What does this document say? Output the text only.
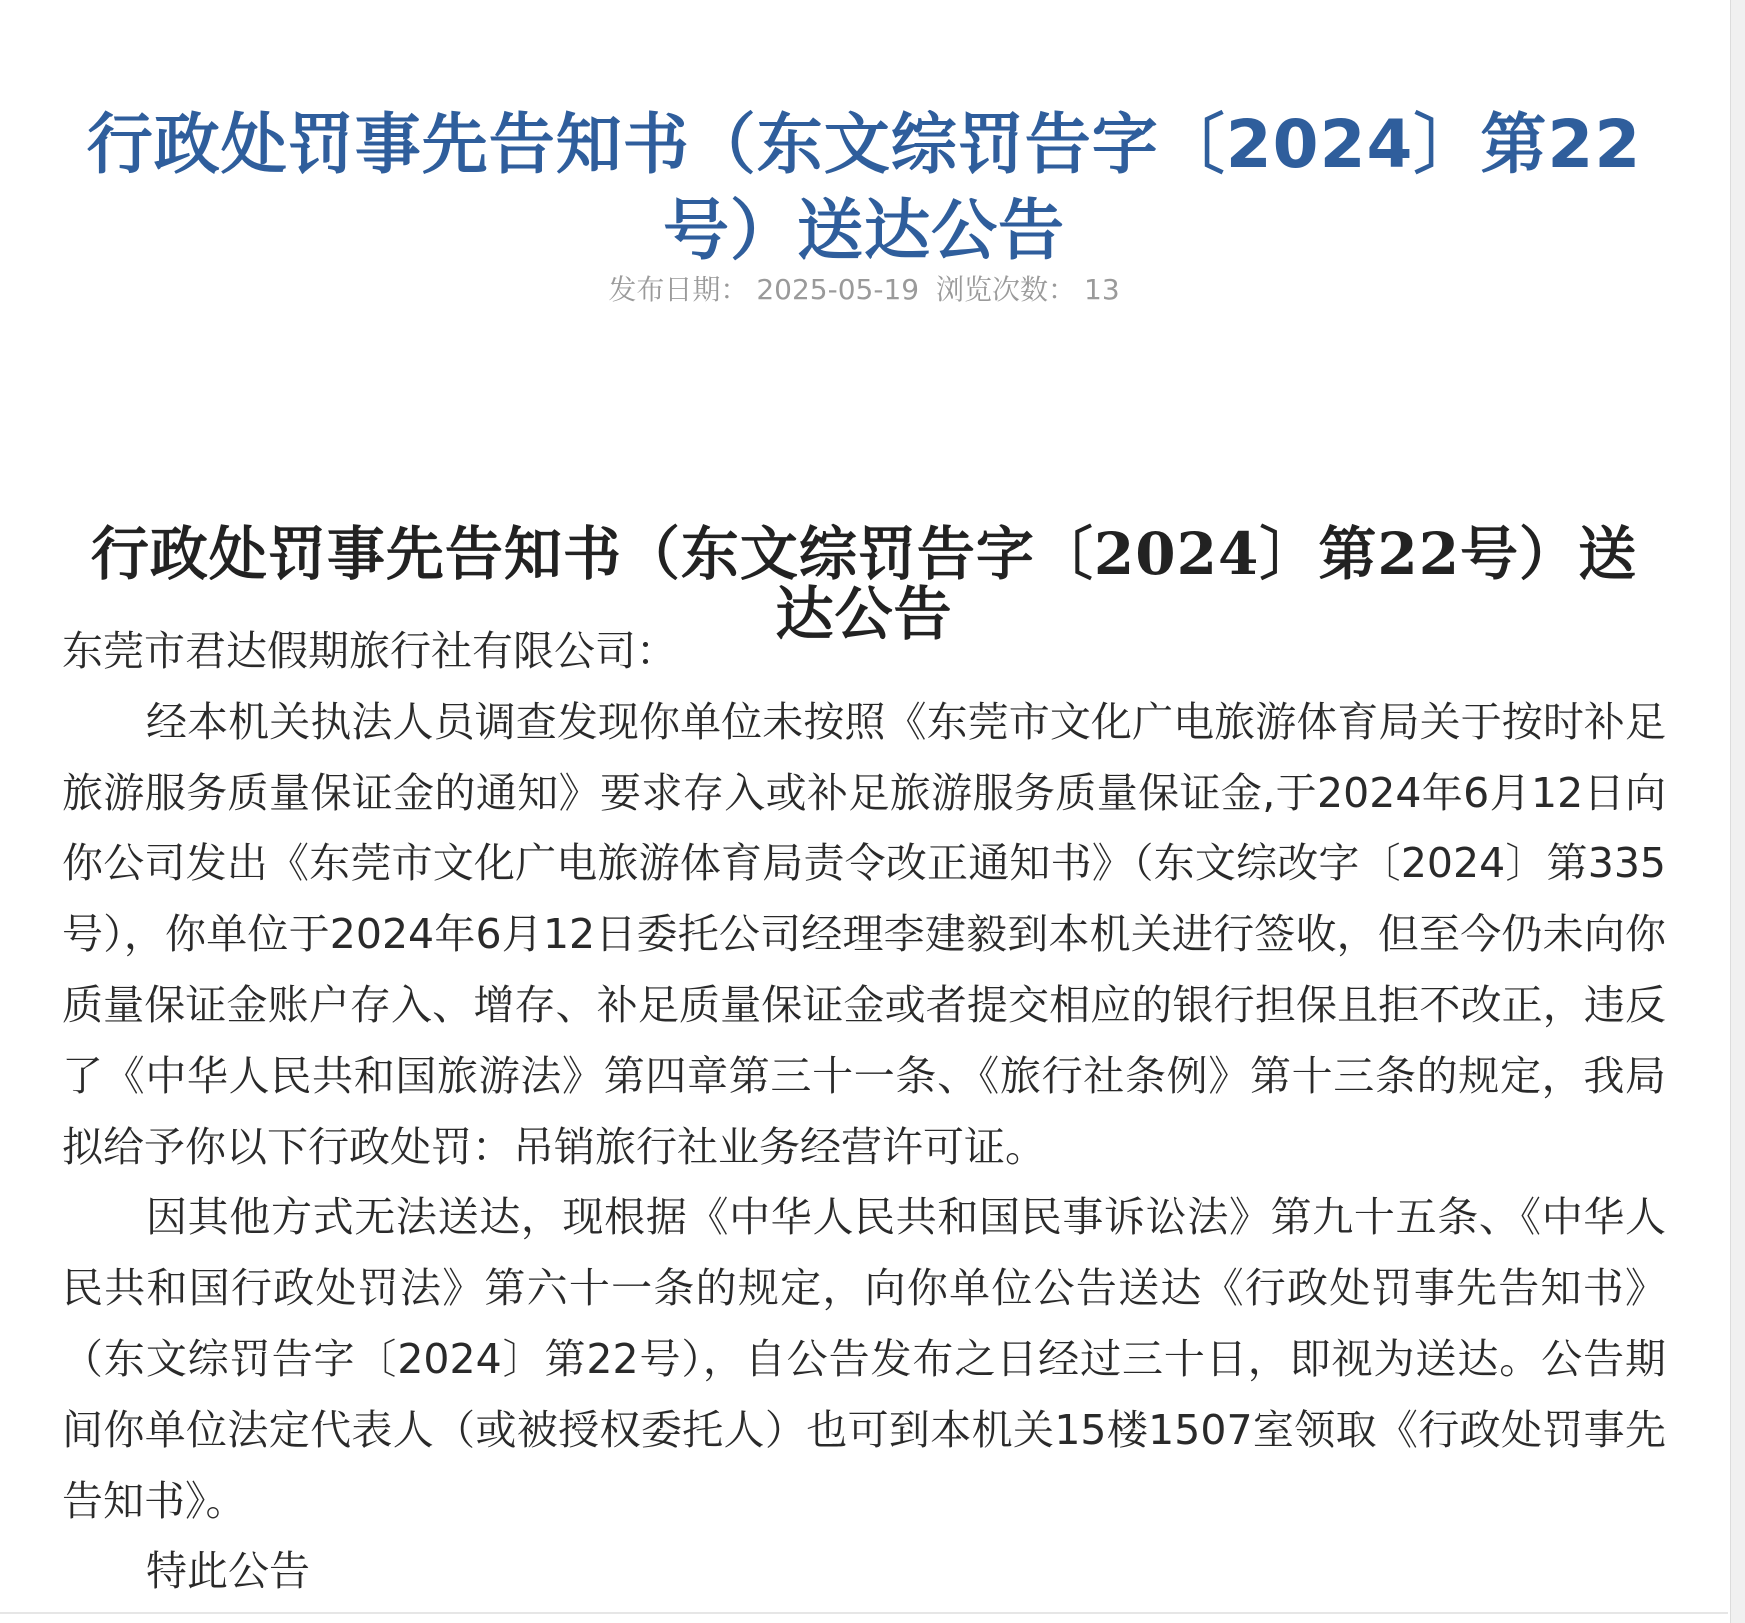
行政处罚事先告知书（东文综罚告字〔2024〕第22号）送达公告
发布日期： 2025-05-19 浏览次数： 13
行政处罚事先告知书（东文综罚告字〔2024〕第22号）送达公告

东莞市君达假期旅行社有限公司：

经本机关执法人员调查发现你单位未按照《东莞市文化广电旅游体育局关于按时补足旅游服务质量保证金的通知》要求存入或补足旅游服务质量保证金,于2024年6月12日向你公司发出《东莞市文化广电旅游体育局责令改正通知书》（东文综改字〔2024〕第335号），你单位于2024年6月12日委托公司经理李建毅到本机关进行签收，但至今仍未向你质量保证金账户存入、增存、补足质量保证金或者提交相应的银行担保且拒不改正，违反了《中华人民共和国旅游法》第四章第三十一条、《旅行社条例》第十三条的规定，我局拟给予你以下行政处罚：吊销旅行社业务经营许可证。

因其他方式无法送达，现根据《中华人民共和国民事诉讼法》第九十五条、《中华人民共和国行政处罚法》第六十一条的规定，向你单位公告送达《行政处罚事先告知书》（东文综罚告字〔2024〕第22号），自公告发布之日经过三十日，即视为送达。公告期间你单位法定代表人（或被授权委托人）也可到本机关15楼1507室领取《行政处罚事先告知书》。

特此公告
